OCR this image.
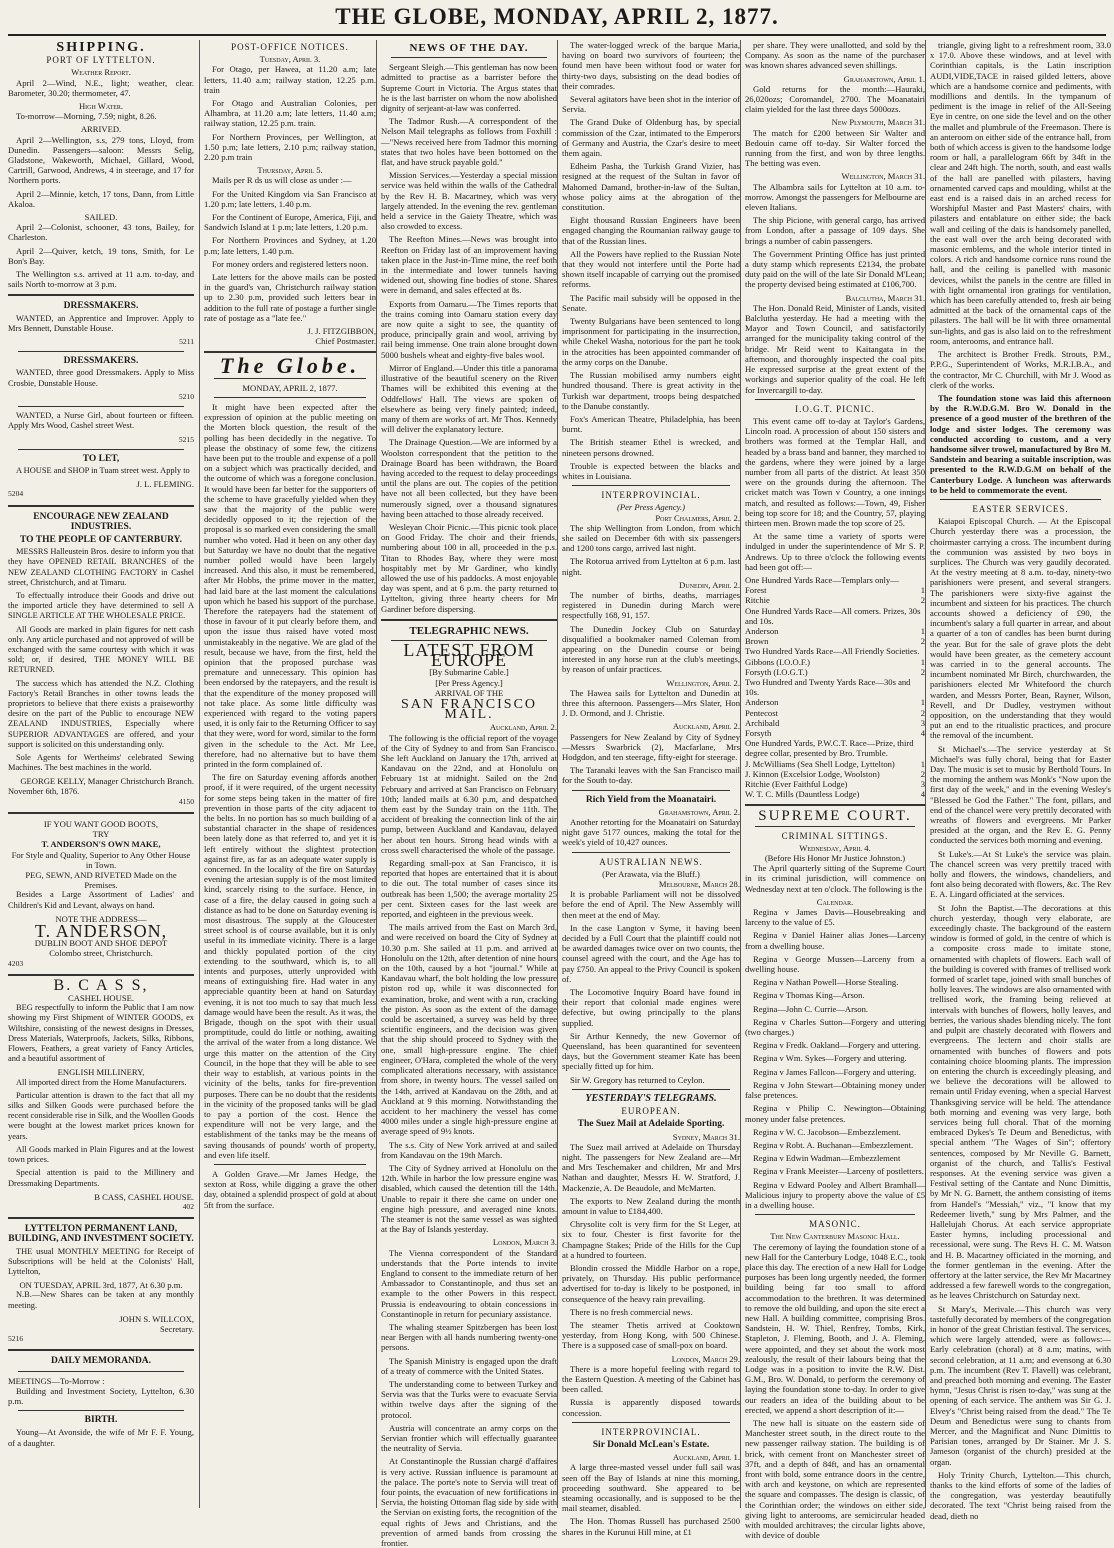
THE GLOBE, MONDAY, APRIL 2, 1877.
SHIPPING.
PORT OF LYTTELTON.
Weather Report.

April 2—Wind, N.E., light; weather, clear. Barometer, 30.20; thermometer, 47.

High Water.

To-morrow—Morning, 7.59; night, 8.26.

ARRIVED.

April 2—Wellington, s.s, 279 tons, Lloyd, from Dunedin. Passengers—saloon: Messrs Selig, Gladstone, Wakeworth, Michael, Gillard, Wood, Cartrill, Garwood, Andrews, 4 in steerage, and 17 for Northern ports.

April 2—Minnie, ketch, 17 tons, Dann, from Little Akaloa.

SAILED.

April 2—Colonist, schooner, 43 tons, Bailey, for Charleston.

April 2—Quiver, ketch, 19 tons, Smith, for Le Bon's Bay.

The Wellington s.s. arrived at 11 a.m. to-day, and sails North to-morrow at 3 p.m.

DRESSMAKERS.

WANTED, an Apprentice and Improver. Apply to Mrs Bennett, Dunstable House.

5211
DRESSMAKERS.

WANTED, three good Dressmakers. Apply to Miss Crosbie, Dunstable House.

5210

WANTED, a Nurse Girl, about fourteen or fifteen. Apply Mrs Wood, Cashel street West.

5215
TO LET,

A HOUSE and SHOP in Tuam street west. Apply to

J. L. FLEMING.
5204
ENCOURAGE NEW ZEALAND INDUSTRIES.
TO THE PEOPLE OF CANTERBURY.

MESSRS Halleustein Bros. desire to inform you that they have OPENED RETAIL BRANCHES of the NEW ZEALAND CLOTHING FACTORY in Cashel street, Christchurch, and at Timaru.

To effectually introduce their Goods and drive out the imported article they have determined to sell A SINGLE ARTICLE AT THE WHOLESALE PRICE.

All Goods are marked in plain figures for nett cash only. Any article purchased and not approved of will be exchanged with the same courtesy with which it was sold; or, if desired, THE MONEY WILL BE RETURNED.

The success which has attended the N.Z. Clothing Factory's Retail Branches in other towns leads the proprietors to believe that there exists a praiseworthy desire on the part of the Public to encourage NEW ZEALAND INDUSTRIES, Especially where SUPERIOR ADVANTAGES are offered, and your support is solicited on this understanding only.

Sole Agents for Wertheims' celebrated Sewing Machines. The best machines in the world.

GEORGE KELLY, Manager Christchurch Branch.
November 6th, 1876.
4150
IF YOU WANT GOOD BOOTS,
TRY
T. ANDERSON'S OWN MAKE,
For Style and Quality, Superior to Any Other House in Town.
PEG, SEWN, AND RIVETED Made on the Premises.

Besides a Large Assortment of Ladies' and Children's Kid and Levant, always on hand.

NOTE THE ADDRESS—
T. ANDERSON,
DUBLIN BOOT AND SHOE DEPOT
Colombo street, Christchurch.
4203
B. C A S S,
CASHEL HOUSE.

BEG respectfully to inform the Public that I am now showing my First Shipment of WINTER GOODS, ex Wiltshire, consisting of the newest designs in Dresses, Dress Materials, Waterproofs, Jackets, Silks, Ribbons, Flowers, Feathers, a great variety of Fancy Articles, and a beautiful assortment of

ENGLISH MILLINERY,

All imported direct from the Home Manufacturers.

Particular attention is drawn to the fact that all my silks and Silken Goods were purchased before the recent considerable rise in Silk, and the Woollen Goods were bought at the lowest market prices known for years.

All Goods marked in Plain Figures and at the lowest town prices.

Special attention is paid to the Millinery and Dressmaking Departments.

B CASS, CASHEL HOUSE.
402
LYTTELTON PERMANENT LAND, BUILDING, AND INVESTMENT SOCIETY.

THE usual MONTHLY MEETING for Receipt of Subscriptions will be held at the Colonists' Hall, Lyttelton,

ON TUESDAY, APRIL 3rd, 1877, At 6.30 p.m.

N.B.—New Shares can be taken at any monthly meeting.

JOHN S. WILLCOX,
Secretary.
5216
DAILY MEMORANDA.
MEETINGS—To-Morrow :

Building and Investment Society, Lyttelton, 6.30 p.m.

BIRTH.

Young—At Avonside, the wife of Mr F. F. Young, of a daughter.

POST-OFFICE NOTICES.
Tuesday, April 3.

For Otago, per Hawea, at 11.20 a.m; late letters, 11.40 a.m; railway station, 12.25 p.m. train

For Otago and Australian Colonies, per Alhambra, at 11.20 a.m; late letters, 11.40 a.m; railway station, 12.25 p.m. train.

For Northern Provinces, per Wellington, at 1.50 p.m; late letters, 2.10 p.m; railway station, 2.20 p.m train

Thursday, April 5.

Mails per R ds us will close as under :—

For the United Kingdom via San Francisco at 1.20 p.m; late letters, 1.40 p.m.

For the Continent of Europe, America, Fiji, and Sandwich Island at 1 p.m; late letters, 1.20 p.m.

For Northern Provinces and Sydney, at 1.20 p.m; late letters, 1.40 p.m.

For money orders and registered letters noon.

Late letters for the above mails can be posted in the guard's van, Christchurch railway station up to 2.30 p.m, provided such letters bear in addition to the full rate of postage a further single rate of postage as a "late fee."

J. J. FITZGIBBON,
Chief Postmaster.
The Globe.
MONDAY, APRIL 2, 1877.

It might have been expected after the expression of opinion at the public meeting on the Morten block question, the result of the polling has been decidedly in the negative. To please the obstinacy of some few, the citizens have been put to the trouble and expense of a poll on a subject which was practically decided, and the outcome of which was a foregone conclusion. It would have been far better for the supporters of the scheme to have gracefully yielded when they saw that the majority of the public were decidedly opposed to it; the rejection of the proposal is so marked even considering the small number who voted. Had it been on any other day but Saturday we have no doubt that the negative number polled would have been largely increased. And this also, it must be remembered, after Mr Hobbs, the prime mover in the matter, had laid bare at the last moment the calculations upon which he based his support of the purchase. Therefore the ratepayers had the statement of those in favour of it put clearly before them, and upon the issue thus raised have voted most unmistakeably in the negative. We are glad of the result, because we have, from the first, held the opinion that the proposed purchase was premature and unnecessary. This opinion has been endorsed by the ratepayers, and the result is that the expenditure of the money proposed will not take place. As some little difficulty was experienced with regard to the voting papers used, it is only fair to the Returning Officer to say that they were, word for word, similar to the form given in the schedule to the Act. Mr Lee, therefore, had no alternative but to have them printed in the form complained of.

The fire on Saturday evening affords another proof, if it were required, of the urgent necessity for some steps being taken in the matter of fire prevention in those parts of the city adjacent to the belts. In no portion has so much building of a substantial character in the shape of residences been lately done as that referred to, and yet it is left entirely without the slightest protection against fire, as far as an adequate water supply is concerned. In the locality of the fire on Saturday evening the artesian supply is of the most limited kind, scarcely rising to the surface. Hence, in case of a fire, the delay caused in going such a distance as had to be done on Saturday evening is most disastrous. The supply at the Gloucester street school is of course available, but it is only useful in its immediate vicinity. There is a large and thickly populated portion of the city extending to the southward, which is, to all intents and purposes, utterly unprovided with means of extinguishing fire. Had water in any appreciable quantity been at hand on Saturday evening, it is not too much to say that much less damage would have been the result. As it was, the Brigade, though on the spot with their usual promptitude, could do little or nothing, awaiting the arrival of the water from a long distance. We urge this matter on the attention of the City Council, in the hope that they will be able to see their way to establish, at various points in the vicinity of the belts, tanks for fire-prevention purposes. There can be no doubt that the residents in the vicinity of the proposed tanks will be glad to pay a portion of the cost. Hence the expenditure will not be very large, and the establishment of the tanks may be the means of saving thousands of pounds' worth of property, and even life itself.

A Golden Grave.—Mr James Hedge, the sexton at Ross, while digging a grave the other day, obtained a splendid prospect of gold at about 5ft from the surface.

NEWS OF THE DAY.

Sergeant Sleigh.—This gentleman has now been admitted to practise as a barrister before the Supreme Court in Victoria. The Argus states that he is the last barrister on whom the now abolished dignity of serjeant-at-law was conferred.

The Tadmor Rush.—A correspondent of the Nelson Mail telegraphs as follows from Foxhill :—"News received here from Tadmor this morning states that two holes have been bottomed on the flat, and have struck payable gold."

Mission Services.—Yesterday a special mission service was held within the walls of the Cathedral by the Rev H. B. Macartney, which was very largely attended. In the evening the rev. gentleman held a service in the Gaiety Theatre, which was also crowded to excess.

The Reefton Mines.—News was brought into Reefton on Friday last of an improvement having taken place in the Just-in-Time mine, the reef both in the intermediate and lower tunnels having widened out, showing fine bodies of stone. Shares were in demand, and sales effected at 8s.

Exports from Oamaru.—The Times reports that the trains coming into Oamaru station every day are now quite a sight to see, the quantity of produce, principally grain and wool, arriving by rail being immense. One train alone brought down 5000 bushels wheat and eighty-five bales wool.

Mirror of England.—Under this title a panorama illustrative of the beautiful scenery on the River Thames will be exhibited this evening at the Oddfellows' Hall. The views are spoken of elsewhere as being very finely painted; indeed, many of them are works of art. Mr Thos. Kennedy will deliver the explanatory lecture.

The Drainage Question.—We are informed by a Woolston correspondent that the petition to the Drainage Board has been withdrawn, the Board having acceded to the request to delay proceedings until the plans are out. The copies of the petition have not all been collected, but they have been numerously signed, over a thousand signatures having been attached to those already received.

Wesleyan Choir Picnic.—This picnic took place on Good Friday. The choir and their friends, numbering about 100 in all, proceeded in the p.s. Titan to Rhodes Bay, where they were most hospitably met by Mr Gardiner, who kindly allowed the use of his paddocks. A most enjoyable day was spent, and at 6 p.m. the party returned to Lyttelton, giving three hearty cheers for Mr Gardiner before dispersing.

TELEGRAPHIC NEWS.
LATEST FROM EUROPE
[By Submarine Cable.]
[Per Press Agency.]
ARRIVAL OF THE
SAN FRANCISCO MAIL.
Auckland, April 2.

The following is the official report of the voyage of the City of Sydney to and from San Francisco. She left Auckland on January the 17th, arrived at Kandavau on the 22nd, and at Honolulu on February 1st at midnight. Sailed on the 2nd February and arrived at San Francisco on February 10th; landed mails at 6.30 p.m, and despatched them east by the Sunday train on the 11th. The accident of breaking the connection link of the air pump, between Auckland and Kandavau, delayed her about ten hours. Strong head winds with a cross swell characterised the whole of the passage.

Regarding small-pox at San Francisco, it is reported that hopes are entertained that it is about to die out. The total number of cases since its outbreak has been 1,500; the average mortality 25 per cent. Sixteen cases for the last week are reported, and eighteen in the previous week.

The mails arrived from the East on March 3rd, and were received on board the City of Sydney at 10.30 p.m. She sailed at 11 p.m. and arrived at Honolulu on the 12th, after detention of nine hours on the 10th, caused by a hot "journal." While at Kandavau wharf, the bolt holding the low pressure piston rod up, while it was disconnected for examination, broke, and went with a run, cracking the piston. As soon as the extent of the damage could be ascertained, a survey was held by three scientific engineers, and the decision was given that the ship should proceed to Sydney with the one, small high-pressure engine. The chief engineer, O'Hara, completed the whole of the very complicated alterations necessary, with assistance from shore, in twenty hours. The vessel sailed on the 14th, arrived at Kandavau on the 28th, and at Auckland at 9 this morning. Notwithstanding the accident to her machinery the vessel has come 4000 miles under a single high-pressure engine at average speed of 9½ knots.

The s.s. City of New York arrived at and sailed from Kandavau on the 19th March.

The City of Sydney arrived at Honolulu on the 12th. While in harbor the low pressure engine was disabled, which caused the detention till the 14th. Unable to repair it there she came on under one engine high pressure, and averaged nine knots. The steamer is not the same vessel as was sighted at the Bay of Islands yesterday.

London, March 3.

The Vienna correspondent of the Standard understands that the Porte intends to invite England to consent to the immediate return of her Ambassador to Constantinople, and thus set an example to the other Powers in this respect. Prussia is endeavouring to obtain concessions in Constantinople in return for pecuniary assistance.

The whaling steamer Spitzbergen has been lost near Bergen with all hands numbering twenty-one persons.

The Spanish Ministry is engaged upon the draft of a treaty of commerce with the United States.

The understanding come to between Turkey and Servia was that the Turks were to evacuate Servia within twelve days after the signing of the protocol.

Austria will concentrate an army corps on the Servian frontier which will effectually guarantee the neutrality of Servia.

At Constantinople the Russian chargé d'affaires is very active. Russian influence is paramount at the palace. The porte's note to Servia will treat of four points, the evacuation of new fortifications in Servia, the hoisting Ottoman flag side by side with the Servian on existing forts, the recognition of the equal rights of Jews and Christians, and the prevention of armed bands from crossing the frontier.

The water-logged wreck of the barque Maria, having on board two survivors of fourteen; the found men have been without food or water for thirty-two days, subsisting on the dead bodies of their comrades.

Several agitators have been shot in the interior of Servia.

The Grand Duke of Oldenburg has, by special commission of the Czar, intimated to the Emperors of Germany and Austria, the Czar's desire to meet them again.

Edheim Pasha, the Turkish Grand Vizier, has resigned at the request of the Sultan in favor of Mahomed Damand, brother-in-law of the Sultan, whose policy aims at the abrogation of the constitution.

Eight thousand Russian Engineers have been engaged changing the Roumanian railway gauge to that of the Russian lines.

All the Powers have replied to the Russian Note that they would not interfere until the Porte had shown itself incapable of carrying out the promised reforms.

The Pacific mail subsidy will be opposed in the Senate.

Twenty Bulgarians have been sentenced to long imprisonment for participating in the insurrection, while Chekel Washa, notorious for the part he took in the atrocities has been appointed commander of the army corps on the Danube.

The Russian mobilised army numbers eight hundred thousand. There is great activity in the Turkish war department, troops being despatched to the Danube constantly.

Fox's American Theatre, Philadelphia, has been burnt.

The British steamer Ethel is wrecked, and nineteen persons drowned.

Trouble is expected between the blacks and whites in Louisiana.

INTERPROVINCIAL.
(Per Press Agency.)
Port Chalmers, April 2.

The ship Wellington from London, from which she sailed on December 6th with six passengers and 1200 tons cargo, arrived last night.

The Rotorua arrived from Lyttelton at 6 p.m. last night.

Dunedin, April 2.

The number of births, deaths, marriages registered in Dunedin during March were respectfully 168, 91, 157.

The Dunedin Jockey Club on Saturday disqualified a bookmaker named Coleman from appearing on the Dunedin course or being interested in any horse run at the club's meetings, by reason of unfair practices.

Wellington, April 2.

The Hawea sails for Lyttelton and Dunedin at three this afternoon. Passengers—Mrs Slater, Hon J. D. Ormond, and J. Christie.

Auckland, April 2.

Passengers for New Zealand by City of Sydney—Messrs Swarbrick (2), Macfarlane, Mrs Hodgdon, and ten steerage, fifty-eight for steerage.

The Taranaki leaves with the San Francisco mail for the South to-day.

Rich Yield from the Moanatairi.
Grahamstown, April 2.

Another retorting for the Moanatairi on Saturday night gave 5177 ounces, making the total for the week's yield of 10,427 ounces.

AUSTRALIAN NEWS.
(Per Arawata, via the Bluff.)
Melbourne, March 28.

It is probable Parliament will not be dissolved before the end of April. The New Assembly will then meet at the end of May.

In the case Langton v Syme, it having been decided by a Full Court that the plaintiff could not be awarded damages twice over on two counts, the counsel agreed with the court, and the Age has to pay £750. An appeal to the Privy Council is spoken of.

The Locomotive Inquiry Board have found in their report that colonial made engines were defective, but owing principally to the plans supplied.

Sir Arthur Kennedy, the new Governor of Queensland, has been quarantined for seventeen days, but the Government steamer Kate has been specially fitted up for him.

Sir W. Gregory has returned to Ceylon.

YESTERDAY'S TELEGRAMS.
EUROPEAN.
The Suez Mail at Adelaide Sporting.
Sydney, March 31.

The Suez mail arrived at Adelaide on Thursday night. The passengers for New Zealand are—Mr and Mrs Teschemaker and children, Mr and Mrs Nathan and daughter, Messrs H. W. Stratford, J. Mackenzie, A. De Beaudole, and McMarten.

The exports to New Zealand during the month amount in value to £184,400.

Chrysolite colt is very firm for the St Leger, at six to four. Chester is first favorite for the Champagne Stakes; Pride of the Hills for the Cup at a hundred to fourteen.

Blondin crossed the Middle Harbor on a rope, privately, on Thursday. His public performance advertised for to-day is likely to be postponed, in consequence of the heavy rain prevailing.

There is no fresh commercial news.

The steamer Thetis arrived at Cooktown yesterday, from Hong Kong, with 500 Chinese. There is a supposed case of small-pox on board.

London, March 29.

There is a more hopeful feeling with regard to the Eastern Question. A meeting of the Cabinet has been called.

Russia is apparently disposed towards concession.

INTERPROVINCIAL.
Sir Donald McLean's Estate.
Auckland, April 1.

A large three-masted vessel under full sail was seen off the Bay of Islands at nine this morning, proceeding southward. She appeared to be steaming occasionally, and is supposed to be the mail steamer, disabled.

The Hon. Thomas Russell has purchased 2500 shares in the Kurunui Hill mine, at £1

per share. They were unallotted, and sold by the Company. As soon as the name of the purchaser was known shares advanced seven shillings.

Grahamstown, April 1.

Gold returns for the month:—Hauraki, 26,020ozs; Coromandel, 2700. The Moanatairi claim yielded for the last three days 5000ozs.

New Plymouth, March 31.

The match for £200 between Sir Walter and Bedouin came off to-day. Sir Walter forced the running from the first, and won by three lengths. The betting was even.

Wellington, March 31.

The Albambra sails for Lyttelton at 10 a.m. to-morrow. Amongst the passengers for Melbourne are eleven Italians.

The ship Picione, with general cargo, has arrived from London, after a passage of 109 days. She brings a number of cabin passengers.

The Government Printing Office has just printed a duty stamp which represents £2134, the probate duty paid on the will of the late Sir Donald M'Lean; the property devised being estimated at £106,700.

Balclutha, March 31.

The Hon. Donald Reid, Minister of Lands, visited Balclutha yesterday. He had a meeting with the Mayor and Town Council, and satisfactorily arranged for the municipality taking control of the bridge. Mr Reid went to Kaitangata in the afternoon, and thoroughly inspected the coal pits. He expressed surprise at the great extent of the workings and superior quality of the coal. He left for Invercargill to-day.

I.O.G.T. PICNIC.

This event came off to-day at Taylor's Gardens, Lincoln road. A procession of about 150 sisters and brothers was formed at the Templar Hall, and headed by a brass band and banner, they marched to the gardens, where they were joined by a large number from all parts of the district. At least 350 were on the grounds during the afternoon. The cricket match was Town v Country, a one innings match, and resulted as follows:—Town, 49, Fisher being top score for 18; and the Country, 57, playing thirteen men. Brown made the top score of 25.

At the same time a variety of sports were indulged in under the superintendence of Mr S. P. Andrews. Up to three o'clock the following events had been got off:—

One Hundred Yards Race—Templars only—
Forest	1
Ritchie	2
One Hundred Yards Race—All comers. Prizes, 30s and 10s.
Anderson	1
Brown	2
Two Hundred Yards Race—All Friendly Societies.
Gibbons (I.O.O.F.)	1
Forsyth (I.O.G.T.)	2
Two Hundred and Twenty Yards Race—30s and 10s.
Anderson	1
Pentecost	2
Archibald	3
Forsyth	4
One Hundred Yards, P.W.C.T. Race—Prize, third degree collar, presented by Bro. Trumble.
J. McWilliams (Sea Shell Lodge, Lyttelton)	1
J. Kinnon (Excelsior Lodge, Woolston)	2
Ritchie (Ever Faithful Lodge)	3
W. T. C. Mills (Dauntless Lodge)	4
SUPREME COURT.
CRIMINAL SITTINGS.
Wednesday, April 4.
(Before His Honor Mr Justice Johnston.)

The April quarterly sitting of the Supreme Court in its criminal jurisdiction, will commence on Wednesday next at ten o'clock. The following is the

Calendar.

Regina v James Davis—Housebreaking and larceny to the value of £5.

Regina v Daniel Hainer alias Jones—Larceny from a dwelling house.

Regina v George Mussen—Larceny from a dwelling house.

Regina v Nathan Powell—Horse Stealing.

Regina v Thomas King—Arson.

Regina—John C. Currie—Arson.

Regina v Charles Sutton—Forgery and uttering (two charges.)

Regina v Fredk. Oakland—Forgery and uttering.

Regina v Wm. Sykes—Forgery and uttering.

Regina v James Fallcon—Forgery and uttering.

Regina v John Stewart—Obtaining money under false pretences.

Regina v Philip C. Newington—Obtaining money under false pretences.

Regina v W. C. Jacobson—Embezzlement.

Regina v Robt. A. Buchanan—Embezzlement.

Regina v Edwin Wadman—Embezzlement

Regina v Frank Meeister—Larceny of postletters.

Regina v Edward Pooley and Albert Bramhall—Malicious injury to property above the value of £5 in a dwelling house.

MASONIC.
The New Canterbury Masonic Hall.

The ceremony of laying the foundation stone of a new Hall for the Canterbury Lodge, 1048 E.C., took place this day. The erection of a new Hall for Lodge purposes has been long urgently needed, the former building being far too small to afford accommodation to the brethren. It was determined to remove the old building, and upon the site erect a new Hall. A building committee, comprising Bros. Sandstein, H. W. Thiel, Renfrey, Tombs, Kirk, Stapleton, J. Fleming, Booth, and J. A. Fleming, were appointed, and they set about the work most zealously, the result of their labours being that the Lodge was in a position to invite the R.W. Dist. G.M., Bro. W. Donald, to perform the ceremony of laying the foundation stone to-day. In order to give our readers an idea of the building about to be erected, we append a short description of it:—

The new hall is situate on the eastern side of Manchester street south, in the direct route to the new passenger railway station. The building is of brick, with cement front on Manchester street of 37ft, and a depth of 84ft, and has an ornamental front with bold, some entrance doors in the centre, with arch and keystone, on which are represented the square and compasses. The design is classic, of the Corinthian order; the windows on either side, giving light to anterooms, are semicircular headed with moulded architraves; the circular lights above, with device of double

triangle, giving light to a refreshment room, 33.0 x 17.0. Above these windows, and at level with Corinthian capitals, is the Latin inscription AUDI,VIDE,TACE in raised gilded letters, above which are a handsome cornice and pediments, with modillions and dentils. In the tympanum of pediment is the image in relief of the All-Seeing Eye in centre, on one side the level and on the other the mallet and plumbrule of the Freemason. There is an anteroom on either side of the entrance hall, from both of which access is given to the handsome lodge room or hall, a parallelogram 66ft by 34ft in the clear and 24ft high. The north, south, and east walls of the hall are panelled with pilasters, having ornamented carved caps and moulding, whilst at the east end is a raised dais in an arched recess for Worshipful Master and Past Masters' chairs, with pilasters and entablature on either side; the back wall and ceiling of the dais is handsomely panelled, the east wall over the arch being decorated with masonic emblems, and the whole interior tinted in colors. A rich and handsome cornice runs round the hall, and the ceiling is panelled with masonic devices, whilst the panels in the centre are filled in with light ornamental iron gratings for ventilation, which has been carefully attended to, fresh air being admitted at the back of the ornamental caps of the pilasters. The hall will be lit with three ornamental sun-lights, and gas is also laid on to the refreshment room, anterooms, and entrance hall.

The architect is Brother Fredk. Strouts, P.M., P.P.G., Superintendent of Works, M.R.I.B.A., and the contractor, Mr C. Churchill, with Mr J. Wood as clerk of the works.

The foundation stone was laid this afternoon by the R.W.D.G.M. Bro W. Donald in the presence of a good muster of the brethren of the lodge and sister lodges. The ceremony was conducted according to custom, and a very handsome silver trowel, manufactured by Bro M. Sandstein and bearing a suitable inscription, was presented to the R.W.D.G.M on behalf of the Canterbury Lodge. A luncheon was afterwards to be held to commemorate the event.

EASTER SERVICES.

Kaiapoi Episcopal Church. — At the Episcopal Church yesterday there was a procession, the choirmaster carrying a cross. The incumbent during the communion was assisted by two boys in surplices. The Church was very gaudily decorated. At the vestry meeting at 8 a.m. to-day, ninety-two parishioners were present, and several strangers. The parishioners were sixty-five against the incumbent and sixteen for his practices. The church accounts showed a deficiency of £90, the incumbent's salary a full quarter in arrear, and about a quarter of a ton of candles has been burnt during the year. But for the sale of grave plots the debt would have been greater, as the cemetery account was carried in to the general accounts. The incumbent nominated Mr Birch, churchwarden, the parishioners elected Mr Whitefoord the church warden, and Messrs Porter, Bean, Rayner, Wilson, Revell, and Dr Dudley, vestrymen without opposition, on the understanding that they would put an end to the ritualistic practices, and procure the removal of the incumbent.

St Michael's.—The service yesterday at St Michael's was fully choral, being that for Easter Day. The music is set to music by Berthold Tours. In the morning the anthem was Monk's "Now upon the first day of the week," and in the evening Wesley's "Blessed be God the Father." The font, pillars, and end of the chancel were very prettily decorated with wreaths of flowers and evergreens. Mr Parker presided at the organ, and the Rev E. G. Penny conducted the services both morning and evening.

St Luke's.—At St Luke's the service was plain. The chancel screen was very prettily traced with holly and flowers, the windows, chandeliers, and font also being decorated with flowers, &c. The Rev E. A. Lingard officiated at the services.

St John the Baptist.—The decorations at this church yesterday, though very elaborate, are exceedingly chaste. The background of the eastern window is formed of gold, in the centre of which is a composite cross made to imitate stone, ornamented with chaplets of flowers. Each wall of the building is covered with frames of trellised work formed of scarlet tape, joined with small bunches of holly leaves. The windows are also ornamented with trellised work, the framing being relieved at intervals with bunches of flowers, holly leaves, and berries, the various shades blending nicely. The font and pulpit are chastely decorated with flowers and evergreens. The lectern and choir stalls are ornamented with bunches of flowers and pots containing choice blooming plants. The impression on entering the church is exceedingly pleasing, and we believe the decorations will be allowed to remain until Friday evening, when a special Harvest Thanksgiving service will be held. The attendance both morning and evening was very large, both services being full choral. That of the morning embraced Dykes's Te Deum and Benedictus, with special anthem "The Wages of Sin"; offertory sentences, composed by Mr Neville G. Barnett, organist of the church, and Tallis's Festival responses. At the evening service was given a Festival setting of the Cantate and Nunc Dimittis, by Mr N. G. Barnett, the anthem consisting of items from Handel's "Messiah," viz., "I know that my Redeemer liveth," sung by Mrs Palmer, and the Hallelujah Chorus. At each service appropriate Easter hymns, including processional and recessional, were sung. The Revs H. C. M. Watson and H. B. Macartney officiated in the morning, and the former gentleman in the evening. After the offertory at the latter service, the Rev Mr Macartney addressed a few farewell words to the congregation, as he leaves Christchurch on Saturday next.

St Mary's, Merivale.—This church was very tastefully decorated by members of the congregation in honor of the great Christian festival. The services, which were largely attended, were as follows:—Early celebration (choral) at 8 a.m; matins, with second celebration, at 11 a.m; and evensong at 6.30 p.m. The incumbent (Rev T. Flavell) was celebrant, and preached both morning and evening. The Easter hymn, "Jesus Christ is risen to-day," was sung at the opening of each service. The anthem was Sir G. J. Elvey's "Christ being raised from the dead." The Te Deum and Benedictus were sung to chants from Mercer, and the Magnificat and Nunc Dimittis to Parisian tones, arranged by Dr Stainer. Mr J. S. Jameson (organist of the church) presided at the organ.

Holy Trinity Church, Lyttelton.—This church, thanks to the kind efforts of some of the ladies of the congregation, was yesterday beautifully decorated. The text "Christ being raised from the dead, dieth no
